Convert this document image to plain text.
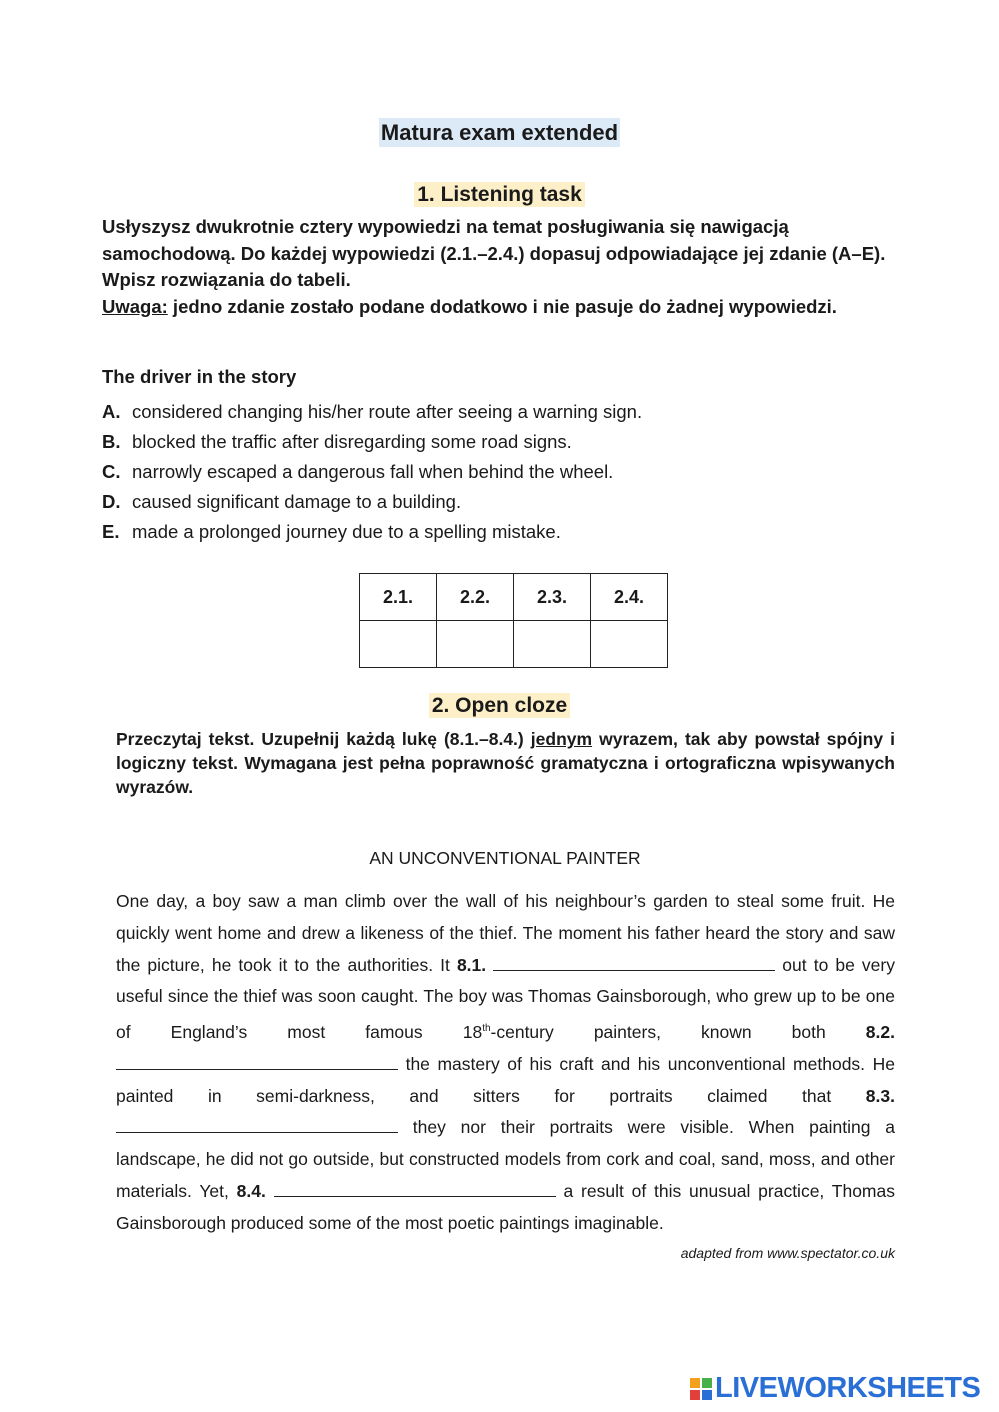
Matura exam extended
1. Listening task
Usłyszysz dwukrotnie cztery wypowiedzi na temat posługiwania się nawigacją samochodową. Do każdej wypowiedzi (2.1.–2.4.) dopasuj odpowiadające jej zdanie (A–E). Wpisz rozwiązania do tabeli.
Uwaga: jedno zdanie zostało podane dodatkowo i nie pasuje do żadnej wypowiedzi.
The driver in the story
A. considered changing his/her route after seeing a warning sign.
B. blocked the traffic after disregarding some road signs.
C. narrowly escaped a dangerous fall when behind the wheel.
D. caused significant damage to a building.
E. made a prolonged journey due to a spelling mistake.
2.1.	2.2.	2.3.	2.4.

2. Open cloze
Przeczytaj tekst. Uzupełnij każdą lukę (8.1.–8.4.) jednym wyrazem, tak aby powstał spójny i logiczny tekst. Wymagana jest pełna poprawność gramatyczna i ortograficzna wpisywanych wyrazów.
AN UNCONVENTIONAL PAINTER
One day, a boy saw a man climb over the wall of his neighbour’s garden to steal some fruit. He quickly went home and drew a likeness of the thief. The moment his father heard the story and saw the picture, he took it to the authorities. It 8.1.	out to be very useful since the thief was soon caught. The boy was Thomas Gainsborough, who grew up to be one of England’s most famous 18th-century painters, known both 8.2.  the mastery of his craft and his unconventional methods. He painted in semi-darkness, and sitters for portraits claimed that 8.3.  they nor their portraits were visible. When painting a landscape, he did not go outside, but constructed models from cork and coal, sand, moss, and other materials. Yet, 8.4.	a result of this unusual practice, Thomas Gainsborough produced some of the most poetic paintings imaginable.
adapted from www.spectator.co.uk
LIVEWORKSHEETS
